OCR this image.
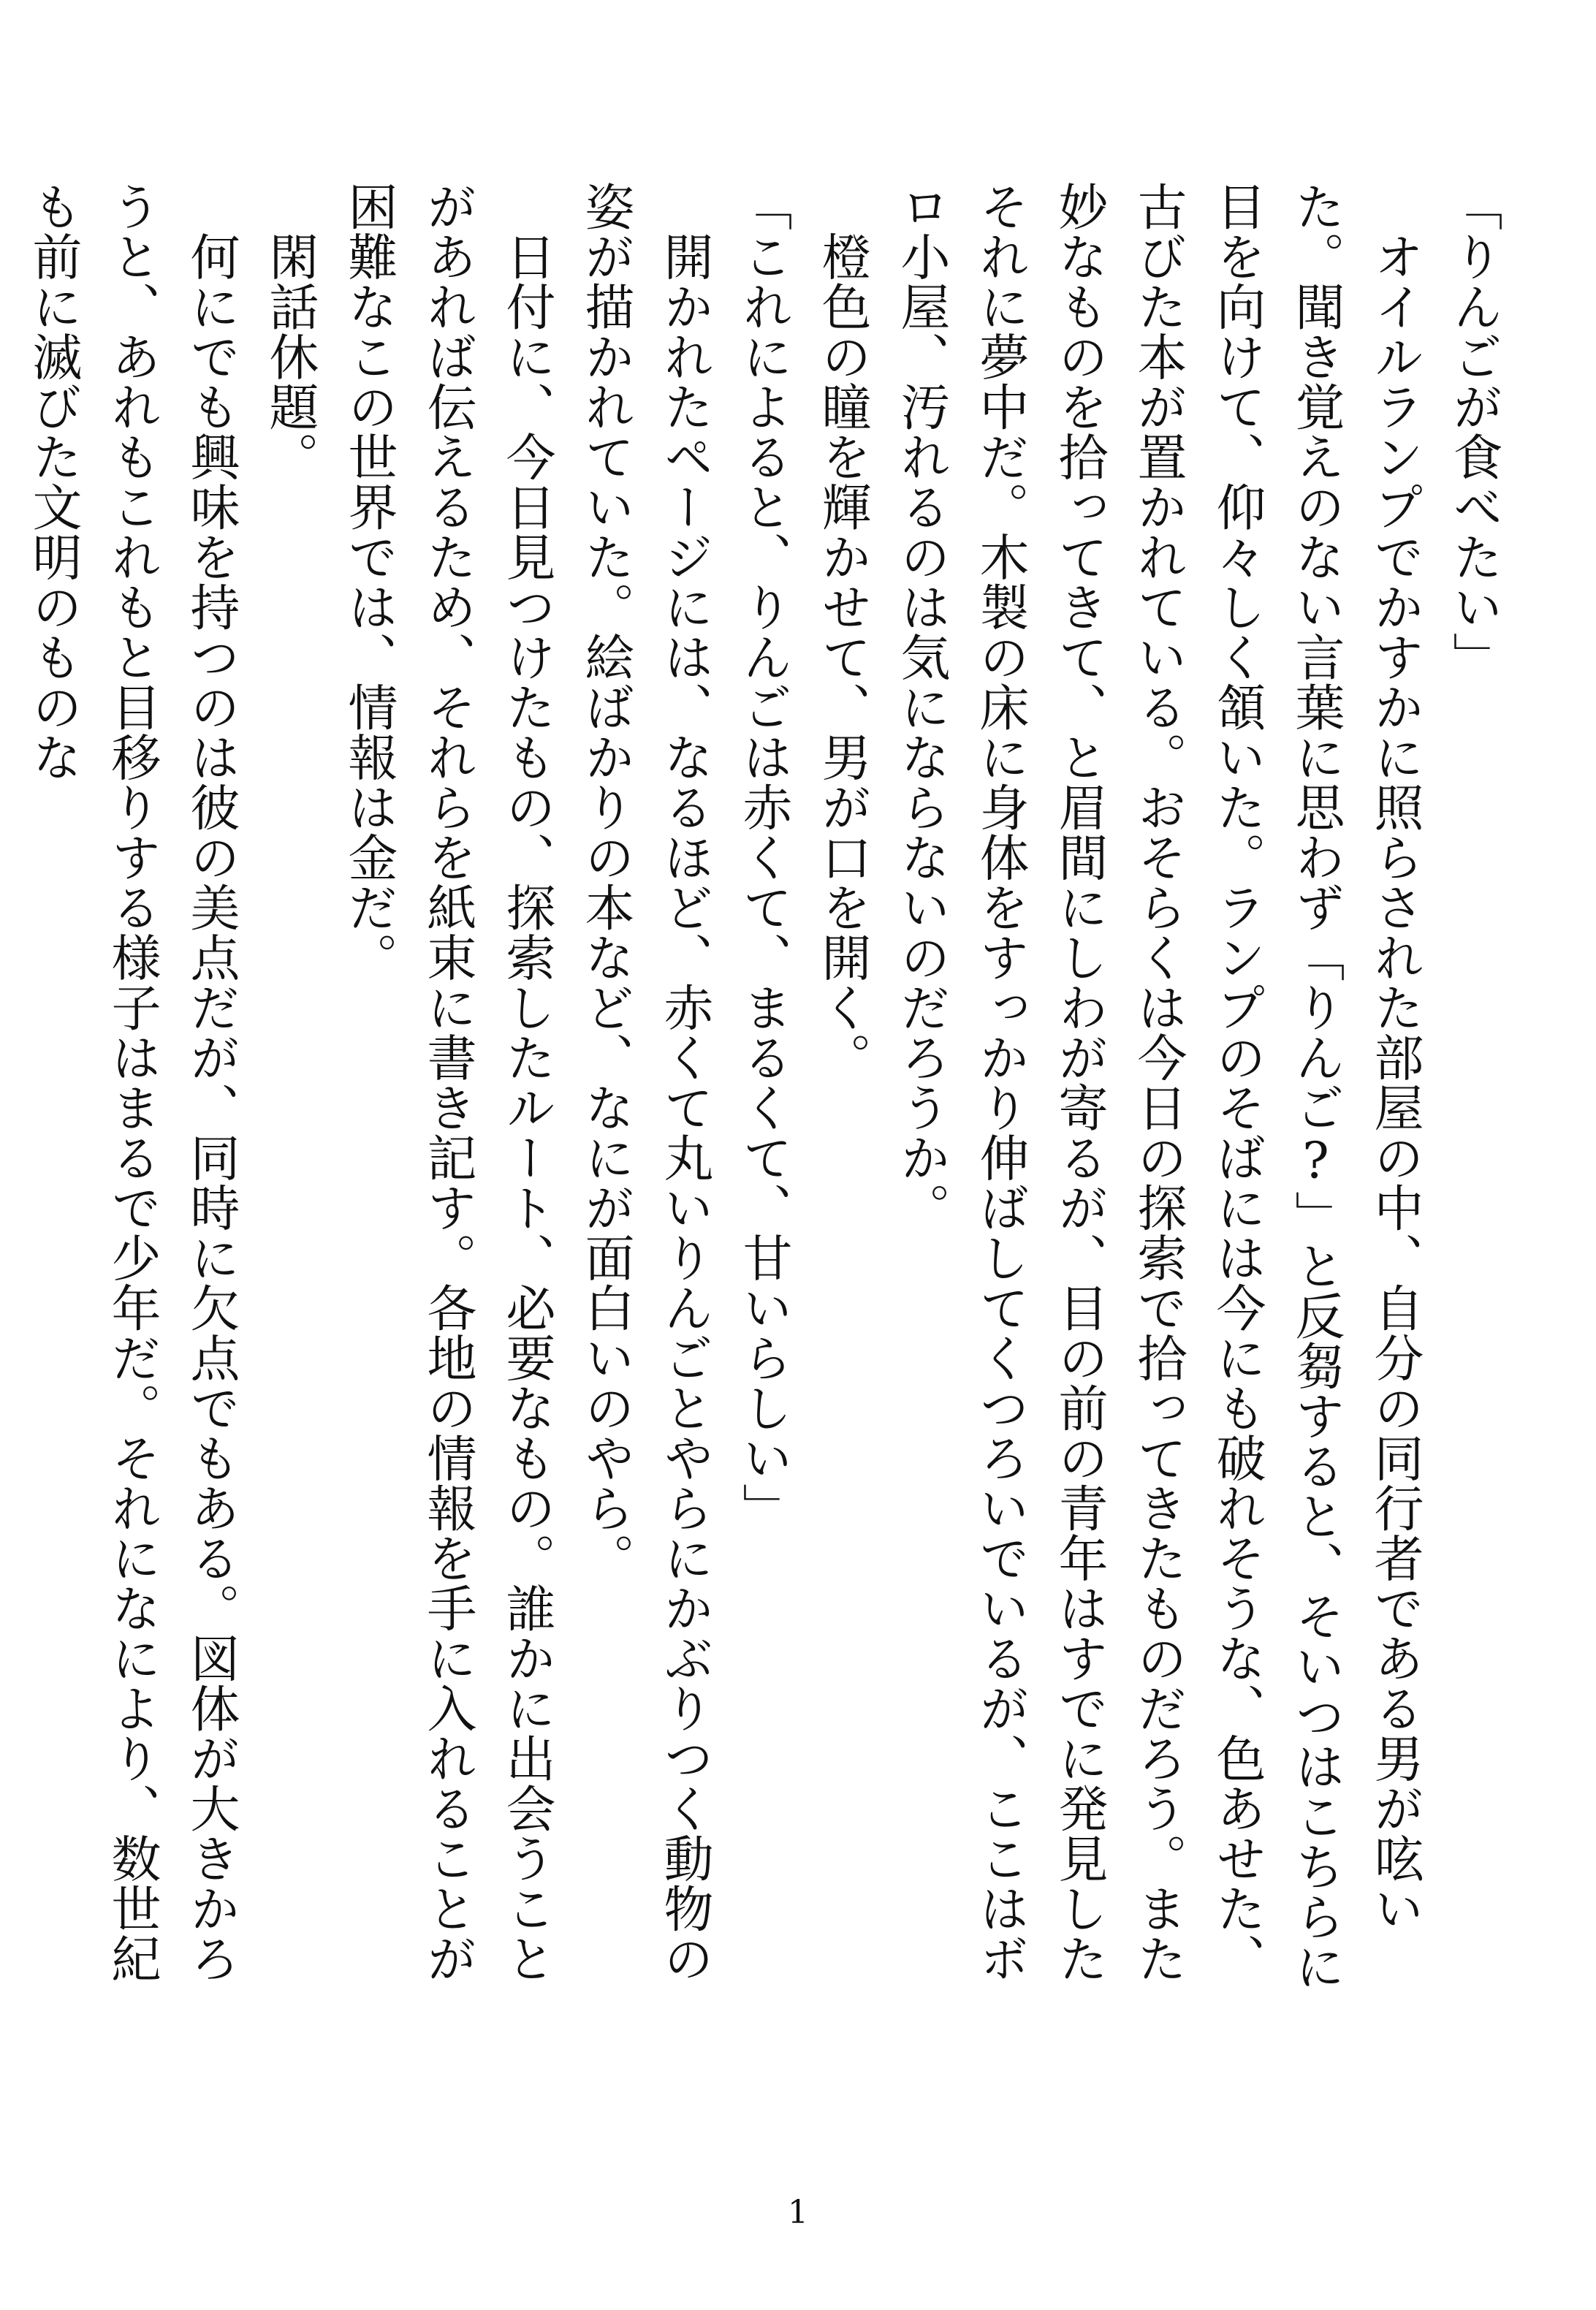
「りんごが食べたい」

　オイルランプでかすかに照らされた部屋の中、自分の同行者である男が呟いた。聞き覚えのない言葉に思わず「りんご?」と反芻すると、そいつはこちらに目を向けて、仰々しく頷いた。ランプのそばには今にも破れそうな、色あせた、古びた本が置かれている。おそらくは今日の探索で拾ってきたものだろう。また妙なものを拾ってきて、と眉間にしわが寄るが、目の前の青年はすでに発見したそれに夢中だ。木製の床に身体をすっかり伸ばしてくつろいでいるが、ここはボロ小屋、汚れるのは気にならないのだろうか。

　橙色の瞳を輝かせて、男が口を開く。

「これによると、りんごは赤くて、まるくて、甘いらしい」

　開かれたページには、なるほど、赤くて丸いりんごとやらにかぶりつく動物の姿が描かれていた。絵ばかりの本など、なにが面白いのやら。

　日付に、今日見つけたもの、探索したルート、必要なもの。誰かに出会うことがあれば伝えるため、それらを紙束に書き記す。各地の情報を手に入れることが困難なこの世界では、情報は金だ。

　閑話休題。

　何にでも興味を持つのは彼の美点だが、同時に欠点でもある。図体が大きかろうと、あれもこれもと目移りする様子はまるで少年だ。それになにより、数世紀も前に滅びた文明のものな

1
